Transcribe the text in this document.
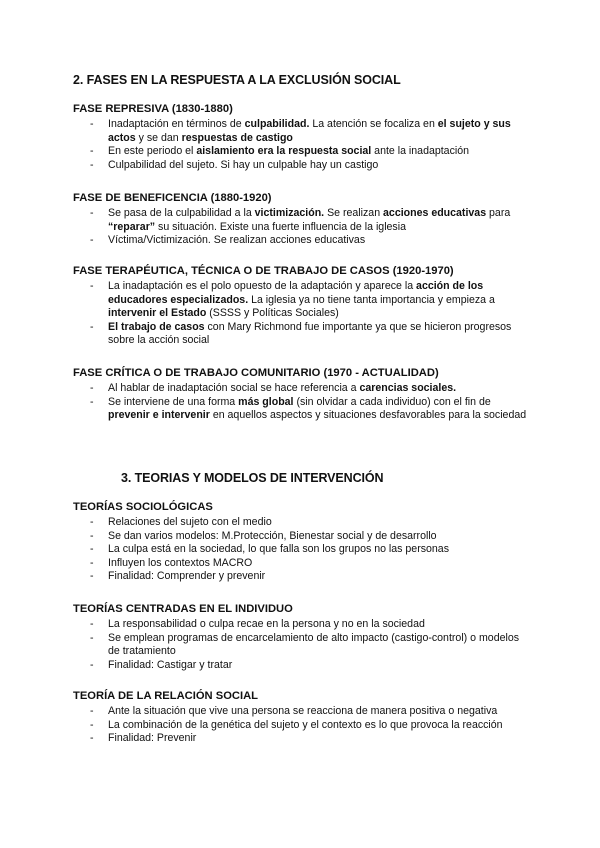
2. FASES EN LA RESPUESTA A LA EXCLUSIÓN SOCIAL
FASE REPRESIVA (1830-1880)
- Inadaptación en términos de culpabilidad. La atención se focaliza en el sujeto y sus actos y se dan respuestas de castigo
- En este periodo el aislamiento era la respuesta social ante la inadaptación
- Culpabilidad del sujeto. Si hay un culpable hay un castigo
FASE DE BENEFICENCIA (1880-1920)
- Se pasa de la culpabilidad a la victimización. Se realizan acciones educativas para “reparar” su situación. Existe una fuerte influencia de la iglesia
- Víctima/Victimización. Se realizan acciones educativas
FASE TERAPÉUTICA, TÉCNICA O DE TRABAJO DE CASOS (1920-1970)
- La inadaptación es el polo opuesto de la adaptación y aparece la acción de los educadores especializados. La iglesia ya no tiene tanta importancia y empieza a intervenir el Estado (SSSS y Políticas Sociales)
- El trabajo de casos con Mary Richmond fue importante ya que se hicieron progresos sobre la acción social
FASE CRÍTICA O DE TRABAJO COMUNITARIO (1970 - ACTUALIDAD)
- Al hablar de inadaptación social se hace referencia a carencias sociales.
- Se interviene de una forma más global (sin olvidar a cada individuo) con el fin de prevenir e intervenir en aquellos aspectos y situaciones desfavorables para la sociedad
3. TEORIAS Y MODELOS DE INTERVENCIÓN
TEORÍAS SOCIOLÓGICAS
- Relaciones del sujeto con el medio
- Se dan varios modelos: M.Protección, Bienestar social y de desarrollo
- La culpa está en la sociedad, lo que falla son los grupos no las personas
- Influyen los contextos MACRO
- Finalidad: Comprender y prevenir
TEORÍAS CENTRADAS EN EL INDIVIDUO
- La responsabilidad o culpa recae en la persona y no en la sociedad
- Se emplean programas de encarcelamiento de alto impacto (castigo-control) o modelos de tratamiento
- Finalidad: Castigar y tratar
TEORÍA DE LA RELACIÓN SOCIAL
- Ante la situación que vive una persona se reacciona de manera positiva o negativa
- La combinación de la genética del sujeto y el contexto es lo que provoca la reacción
- Finalidad: Prevenir
